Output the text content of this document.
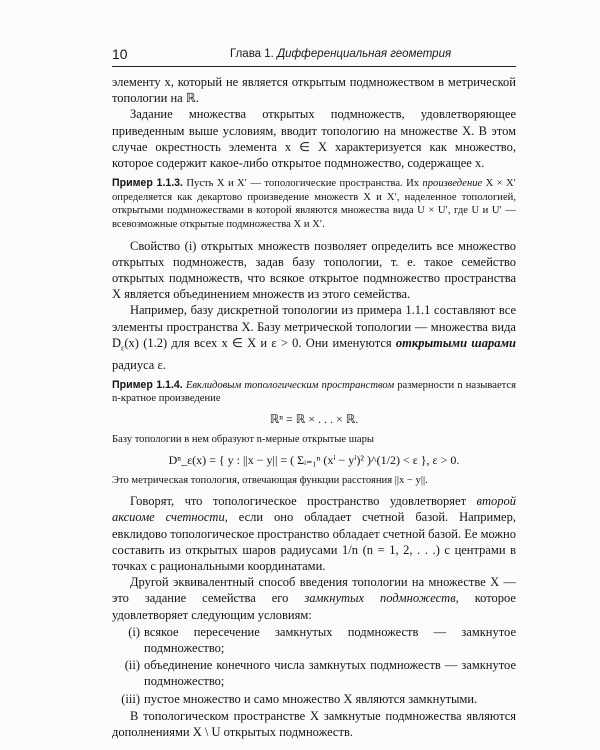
10	Глава 1. Дифференциальная геометрия

элементу x, который не является открытым подмножеством в метрической топологии на ℝ.

Задание множества открытых подмножеств, удовлетворяющее приведенным выше условиям, вводит топологию на множестве X. В этом случае окрестность элемента x ∈ X характеризуется как множество, которое содержит какое-либо открытое подмножество, содержащее x.

Пример 1.1.3. Пусть X и X′ — топологические пространства. Их произведение X × X′ определяется как декартово произведение множеств X и X′, наделенное топологией, открытыми подмножествами в которой являются множества вида U × U′, где U и U′ — всевозможные открытые подмножества X и X′.

Свойство (i) открытых множеств позволяет определить все множество открытых подмножеств, задав базу топологии, т. е. такое семейство открытых подмножеств, что всякое открытое подмножество пространства X является объединением множеств из этого семейства.

Например, базу дискретной топологии из примера 1.1.1 составляют все элементы пространства X. Базу метрической топологии — множества вида $D_\varepsilon(x)$ (1.2) для всех x ∈ X и ε > 0. Они именуются открытыми шарами радиуса ε.

Пример 1.1.4. Евклидовым топологическим пространством размерности n называется n-кратное произведение

ℝⁿ = ℝ × . . . × ℝ.

Базу топологии в нем образуют n-мерные открытые шары

Dⁿ_ε(x) = { y : ||x − y|| = ( Σᵢ₌₁ⁿ (xⁱ − yⁱ)² )^(1/2) < ε }, ε > 0.

Это метрическая топология, отвечающая функции расстояния ||x − y||.

Говорят, что топологическое пространство удовлетворяет второй аксиоме счетности, если оно обладает счетной базой. Например, евклидово топологическое пространство обладает счетной базой. Ее можно составить из открытых шаров радиусами 1/n (n = 1, 2, . . .) с центрами в точках с рациональными координатами.

Другой эквивалентный способ введения топологии на множестве X — это задание семейства его замкнутых подмножеств, которое удовлетворяет следующим условиям:

(i) всякое пересечение замкнутых подмножеств — замкнутое подмножество;
(ii) объединение конечного числа замкнутых подмножеств — замкнутое подмножество;
(iii) пустое множество и само множество X являются замкнутыми.

В топологическом пространстве X замкнутые подмножества являются дополнениями X \ U открытых подмножеств.
